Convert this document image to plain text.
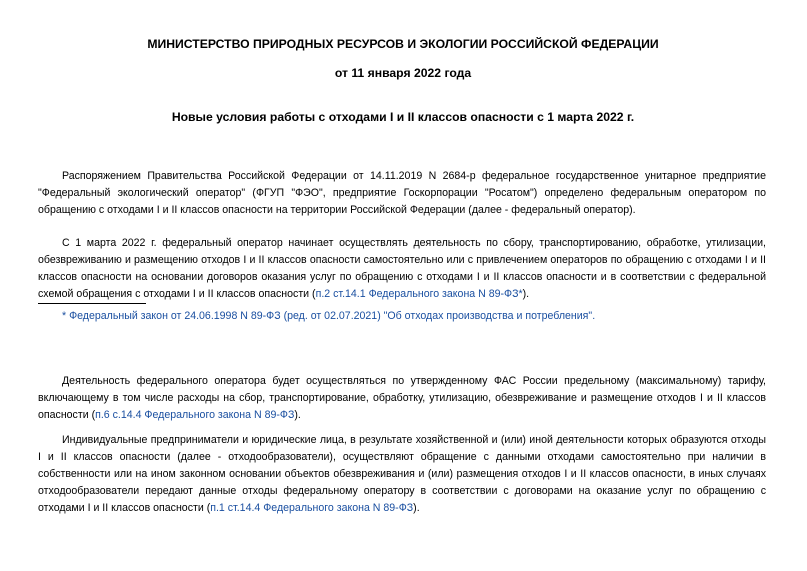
МИНИСТЕРСТВО ПРИРОДНЫХ РЕСУРСОВ И ЭКОЛОГИИ РОССИЙСКОЙ ФЕДЕРАЦИИ
от 11 января 2022 года
Новые условия работы с отходами I и II классов опасности с 1 марта 2022 г.

Распоряжением Правительства Российской Федерации от 14.11.2019 N 2684-р федеральное государственное унитарное предприятие "Федеральный экологический оператор" (ФГУП "ФЭО", предприятие Госкорпорации "Росатом") определено федеральным оператором по обращению с отходами I и II классов опасности на территории Российской Федерации (далее - федеральный оператор).

С 1 марта 2022 г. федеральный оператор начинает осуществлять деятельность по сбору, транспортированию, обработке, утилизации, обезвреживанию и размещению отходов I и II классов опасности самостоятельно или с привлечением операторов по обращению с отходами I и II классов опасности на основании договоров оказания услуг по обращению с отходами I и II классов опасности и в соответствии с федеральной схемой обращения с отходами I и II классов опасности (п.2 ст.14.1 Федерального закона N 89-ФЗ*).

* Федеральный закон от 24.06.1998 N 89-ФЗ (ред. от 02.07.2021) "Об отходах производства и потребления".

Деятельность федерального оператора будет осуществляться по утвержденному ФАС России предельному (максимальному) тарифу, включающему в том числе расходы на сбор, транспортирование, обработку, утилизацию, обезвреживание и размещение отходов I и II классов опасности (п.6 с.14.4 Федерального закона N 89-ФЗ).

Индивидуальные предприниматели и юридические лица, в результате хозяйственной и (или) иной деятельности которых образуются отходы I и II классов опасности (далее - отходообразователи), осуществляют обращение с данными отходами самостоятельно при наличии в собственности или на ином законном основании объектов обезвреживания и (или) размещения отходов I и II классов опасности, в иных случаях отходообразователи передают данные отходы федеральному оператору в соответствии с договорами на оказание услуг по обращению с отходами I и II классов опасности (п.1 ст.14.4 Федерального закона N 89-ФЗ).
